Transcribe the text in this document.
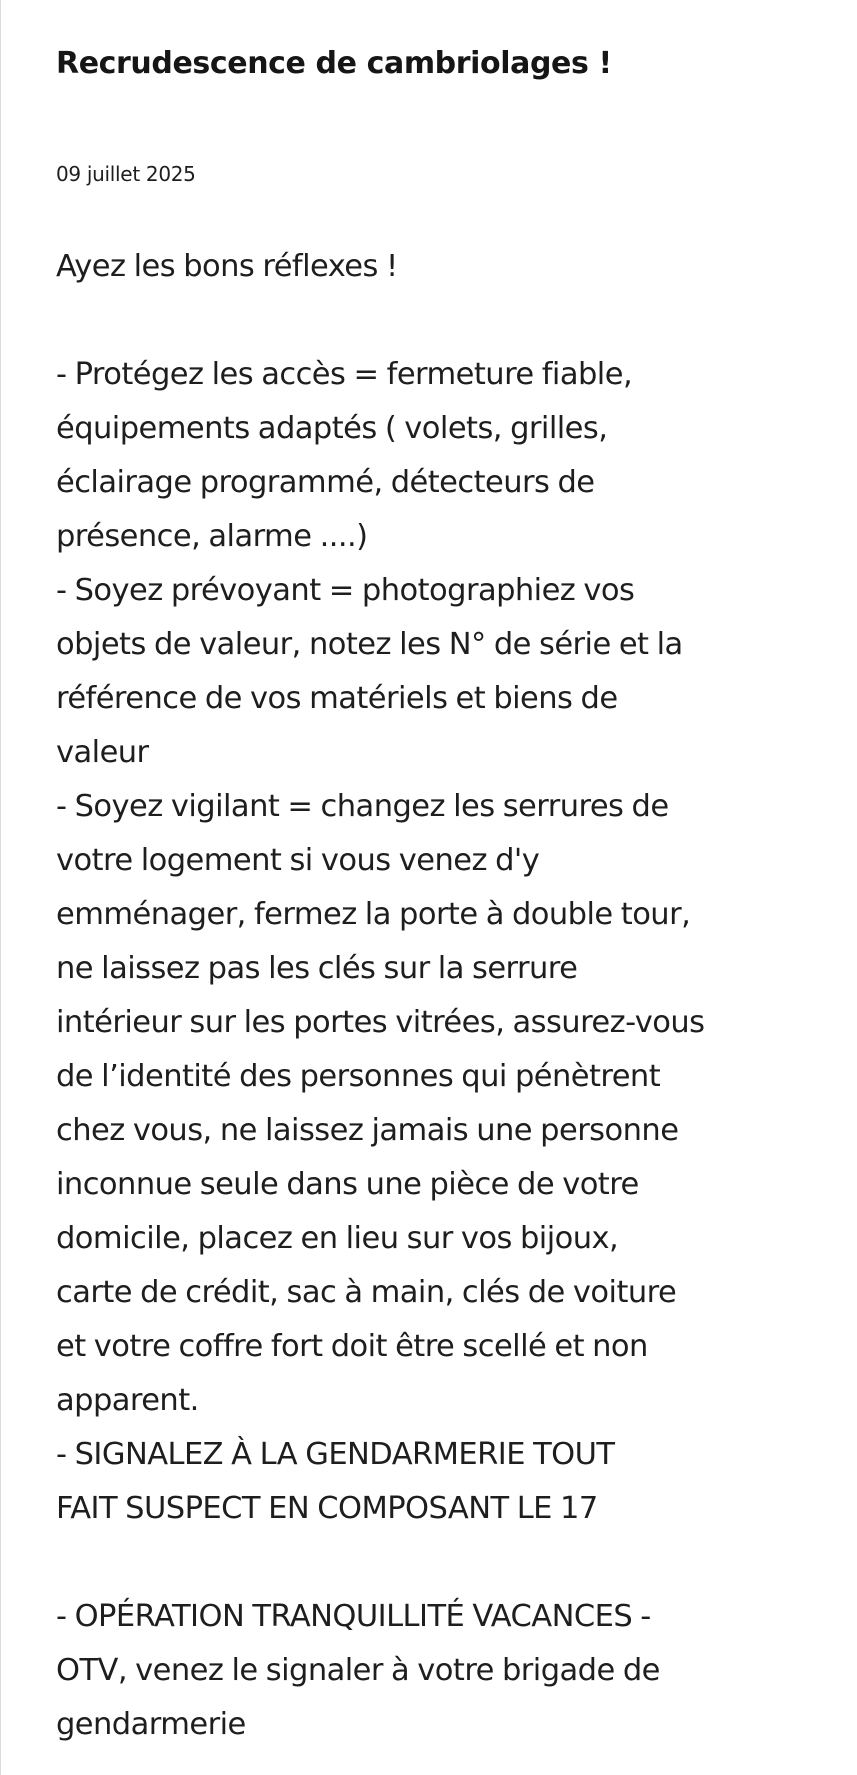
Recrudescence de cambriolages !
09 juillet 2025
Ayez les bons réflexes !
- Protégez les accès = fermeture fiable,
équipements adaptés ( volets, grilles,
éclairage programmé, détecteurs de
présence, alarme ....)
- Soyez prévoyant = photographiez vos
objets de valeur, notez les N° de série et la
référence de vos matériels et biens de
valeur
- Soyez vigilant = changez les serrures de
votre logement si vous venez d'y
emménager, fermez la porte à double tour,
ne laissez pas les clés sur la serrure
intérieur sur les portes vitrées, assurez-vous
de l’identité des personnes qui pénètrent
chez vous, ne laissez jamais une personne
inconnue seule dans une pièce de votre
domicile, placez en lieu sur vos bijoux,
carte de crédit, sac à main, clés de voiture
et votre coffre fort doit être scellé et non
apparent.
- SIGNALEZ À LA GENDARMERIE TOUT
FAIT SUSPECT EN COMPOSANT LE 17
- OPÉRATION TRANQUILLITÉ VACANCES -
OTV, venez le signaler à votre brigade de
gendarmerie
